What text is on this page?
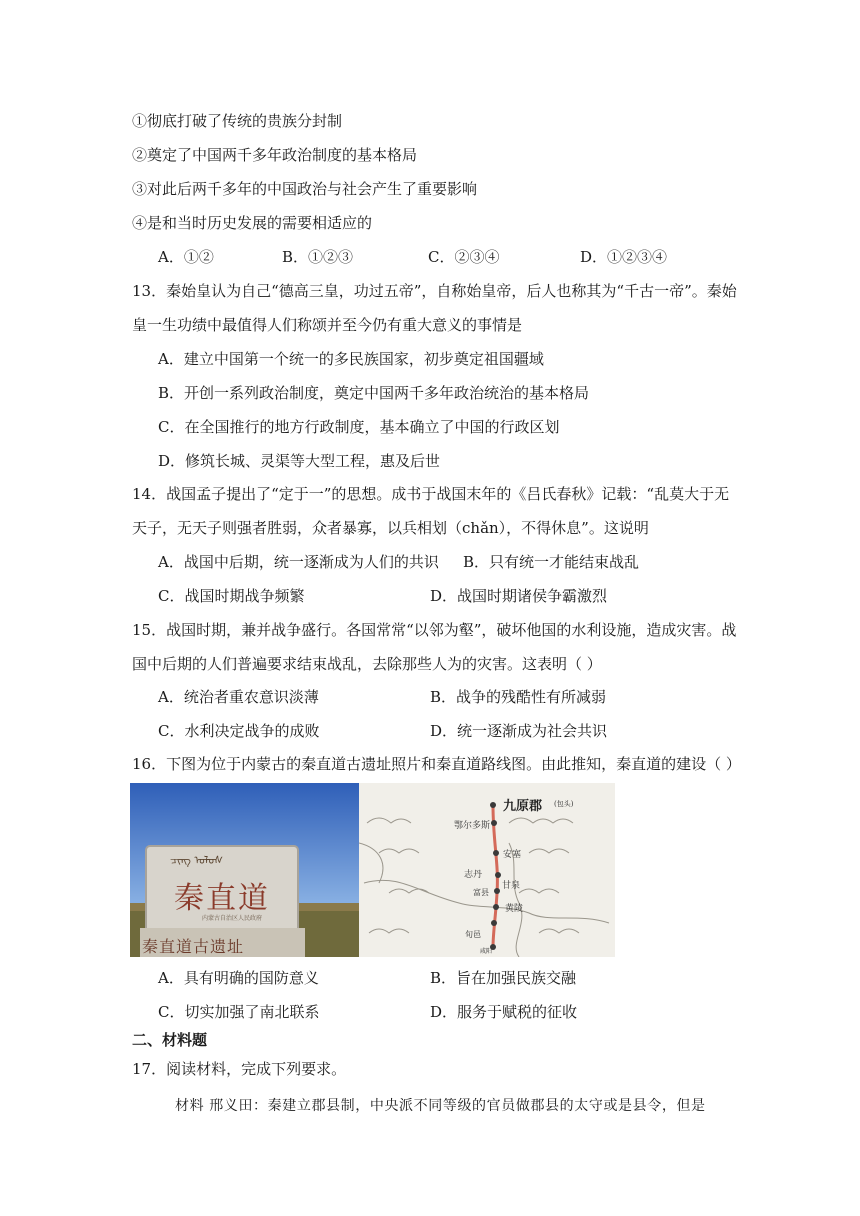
①彻底打破了传统的贵族分封制
②奠定了中国两千多年政治制度的基本格局
③对此后两千多年的中国政治与社会产生了重要影响
④是和当时历史发展的需要相适应的
A．①②	B．①②③	C．②③④	D．①②③④
13．秦始皇认为自己“德高三皇，功过五帝”，自称始皇帝，后人也称其为“千古一帝”。秦始
皇一生功绩中最值得人们称颂并至今仍有重大意义的事情是
A．建立中国第一个统一的多民族国家，初步奠定祖国疆域
B．开创一系列政治制度，奠定中国两千多年政治统治的基本格局
C．在全国推行的地方行政制度，基本确立了中国的行政区划
D．修筑长城、灵渠等大型工程，惠及后世
14．战国孟子提出了“定于一”的思想。成书于战国末年的《吕氏春秋》记载：“乱莫大于无
天子，无天子则强者胜弱，众者暴寡，以兵相划（chǎn），不得休息”。这说明
A．战国中后期，统一逐渐成为人们的共识 B．只有统一才能结束战乱
C．战国时期战争频繁	D．战国时期诸侯争霸激烈
15．战国时期，兼并战争盛行。各国常常“以邻为壑”，破坏他国的水利设施，造成灾害。战
国中后期的人们普遍要求结束战乱，去除那些人为的灾害。这表明（ ）
A．统治者重农意识淡薄	B．战争的残酷性有所减弱
C．水利决定战争的成败	D．统一逐渐成为社会共识
16．下图为位于内蒙古的秦直道古遗址照片和秦直道路线图。由此推知，秦直道的建设（ ）
ᠴᠢᠩ ᠤᠯᠤᠰ
秦直道
内蒙古自治区人民政府
秦直道古遗址
九原郡 (包头)
鄂尔多斯
安塞
志丹
甘泉
富县
黄陵
旬邑
咸阳
A．具有明确的国防意义	B．旨在加强民族交融
C．切实加强了南北联系	D．服务于赋税的征收
二、材料题
17．阅读材料，完成下列要求。
材料 邢义田：秦建立郡县制，中央派不同等级的官员做郡县的太守或是县令，但是
